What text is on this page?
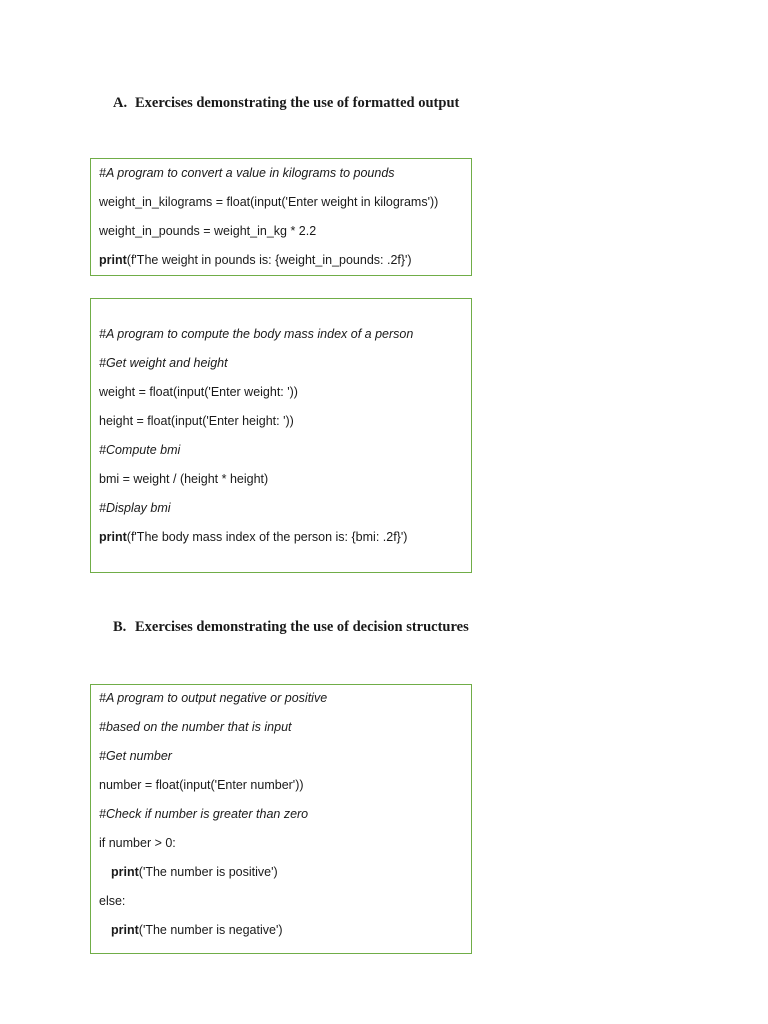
A. Exercises demonstrating the use of formatted output

#A program to convert a value in kilograms to pounds

weight_in_kilograms = float(input('Enter weight in kilograms'))

weight_in_pounds = weight_in_kg * 2.2

print(f'The weight in pounds is: {weight_in_pounds: .2f}')

#A program to compute the body mass index of a person

#Get weight and height

weight = float(input('Enter weight: '))

height = float(input('Enter height: '))

#Compute bmi

bmi = weight / (height * height)

#Display bmi

print(f'The body mass index of the person is: {bmi: .2f}')

B. Exercises demonstrating the use of decision structures

#A program to output negative or positive

#based on the number that is input

#Get number

number = float(input('Enter number'))

#Check if number is greater than zero

if number > 0:

print('The number is positive')

else:

print('The number is negative')
